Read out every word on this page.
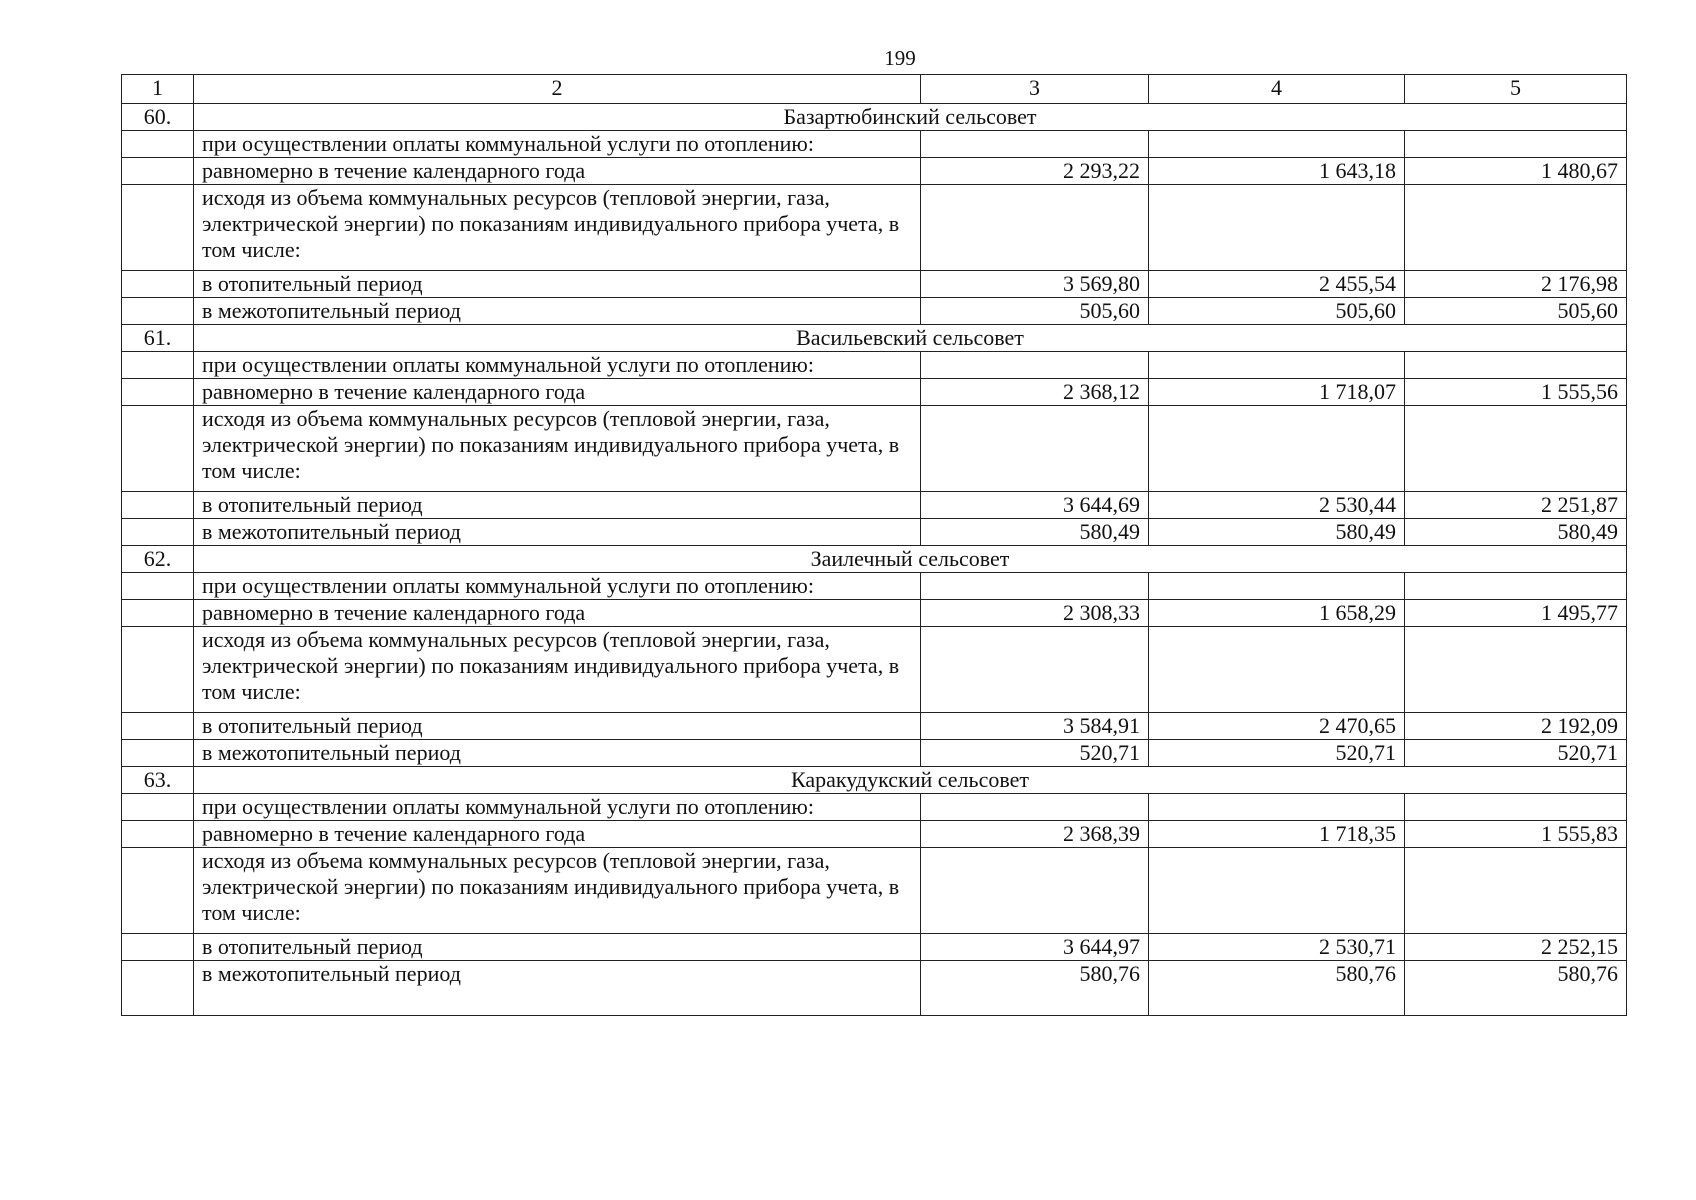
199
1	2	3	4	5
60.	Базартюбинский сельсовет			
	при осуществлении оплаты коммунальной услуги по отоплению:			
	равномерно в течение календарного года	2 293,22	1 643,18	1 480,67
	исходя из объема коммунальных ресурсов (тепловой энергии, газа, электрической энергии) по показаниям индивидуального прибора учета, в том числе:			
	в отопительный период	3 569,80	2 455,54	2 176,98
	в межотопительный период	505,60	505,60	505,60
61.	Васильевский сельсовет			
	при осуществлении оплаты коммунальной услуги по отоплению:			
	равномерно в течение календарного года	2 368,12	1 718,07	1 555,56
	исходя из объема коммунальных ресурсов (тепловой энергии, газа, электрической энергии) по показаниям индивидуального прибора учета, в том числе:			
	в отопительный период	3 644,69	2 530,44	2 251,87
	в межотопительный период	580,49	580,49	580,49
62.	Заилечный сельсовет			
	при осуществлении оплаты коммунальной услуги по отоплению:			
	равномерно в течение календарного года	2 308,33	1 658,29	1 495,77
	исходя из объема коммунальных ресурсов (тепловой энергии, газа, электрической энергии) по показаниям индивидуального прибора учета, в том числе:			
	в отопительный период	3 584,91	2 470,65	2 192,09
	в межотопительный период	520,71	520,71	520,71
63.	Каракудукский сельсовет			
	при осуществлении оплаты коммунальной услуги по отоплению:			
	равномерно в течение календарного года	2 368,39	1 718,35	1 555,83
	исходя из объема коммунальных ресурсов (тепловой энергии, газа, электрической энергии) по показаниям индивидуального прибора учета, в том числе:			
	в отопительный период	3 644,97	2 530,71	2 252,15
	в межотопительный период	580,76	580,76	580,76
